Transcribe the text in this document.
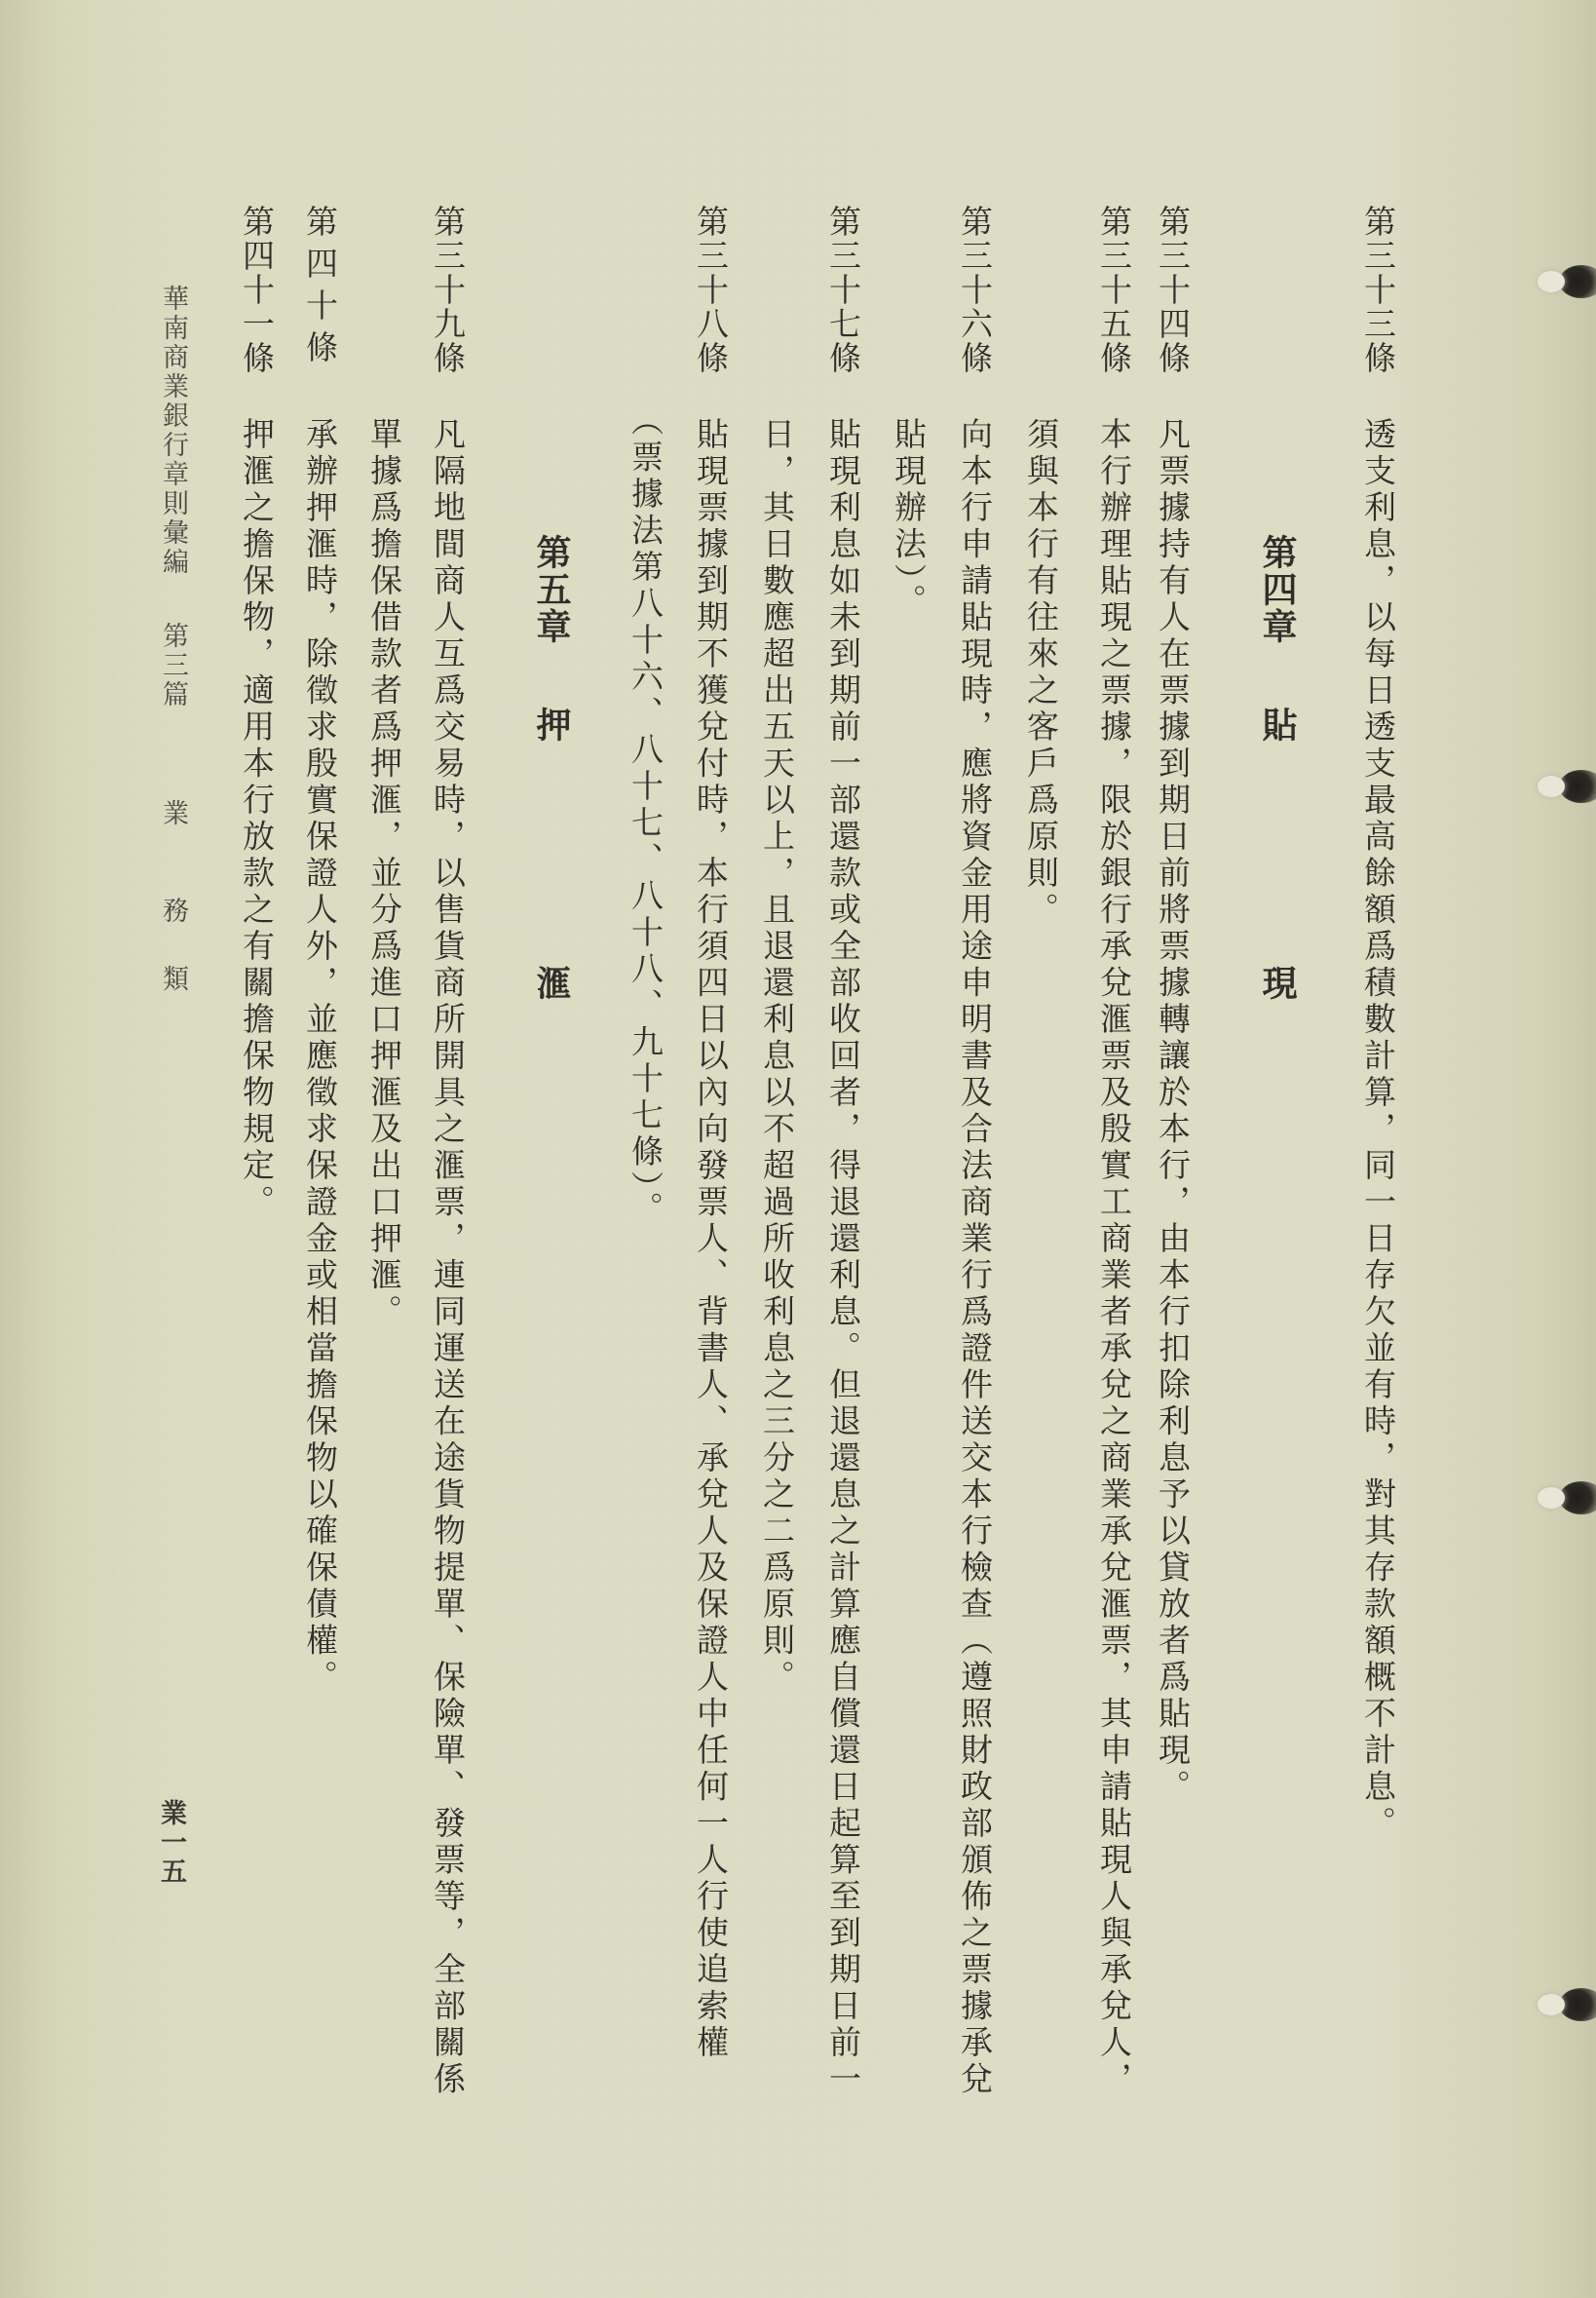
第三十三條
透支利息，以每日透支最高餘額爲積數計算，同一日存欠並有時，對其存款額概不計息。
第四章
貼
現
第三十四條
凡票據持有人在票據到期日前將票據轉讓於本行，由本行扣除利息予以貸放者爲貼現。
第三十五條
本行辦理貼現之票據，限於銀行承兌滙票及殷實工商業者承兌之商業承兌滙票，其申請貼現人與承兌人，
須與本行有往來之客戶爲原則。
第三十六條
向本行申請貼現時，應將資金用途申明書及合法商業行爲證件送交本行檢查（遵照財政部頒佈之票據承兌
貼現辦法）。
第三十七條
貼現利息如未到期前一部還款或全部收回者，得退還利息。但退還息之計算應自償還日起算至到期日前一
日，其日數應超出五天以上，且退還利息以不超過所收利息之三分之二爲原則。
第三十八條
貼現票據到期不獲兌付時，本行須四日以內向發票人、背書人、承兌人及保證人中任何一人行使追索權
（票據法第八十六、八十七、八十八、九十七條）。
第五章
押
滙
第三十九條
凡隔地間商人互爲交易時，以售貨商所開具之滙票，連同運送在途貨物提單、保險單、發票等，全部關係
單據爲擔保借款者爲押滙，並分爲進口押滙及出口押滙。
第四十條
承辦押滙時，除徵求殷實保證人外，並應徵求保證金或相當擔保物以確保債權。
第四十一條
押滙之擔保物，適用本行放款之有關擔保物規定。
華南商業銀行章則彙編
第三篇
業
務
類
業一五
